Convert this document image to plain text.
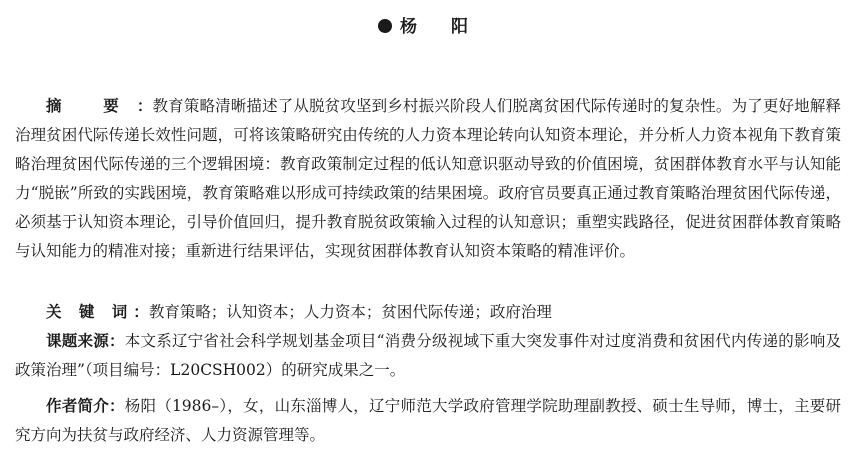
杨 阳
摘 要：教育策略清晰描述了从脱贫攻坚到乡村振兴阶段人们脱离贫困代际传递时的复杂性。为了更好地解释治理贫困代际传递长效性问题，可将该策略研究由传统的人力资本理论转向认知资本理论，并分析人力资本视角下教育策略治理贫困代际传递的三个逻辑困境：教育政策制定过程的低认知意识驱动导致的价值困境，贫困群体教育水平与认知能力“脱嵌”所致的实践困境，教育策略难以形成可持续政策的结果困境。政府官员要真正通过教育策略治理贫困代际传递，必须基于认知资本理论，引导价值回归，提升教育脱贫政策输入过程的认知意识；重塑实践路径，促进贫困群体教育策略与认知能力的精准对接；重新进行结果评估，实现贫困群体教育认知资本策略的精准评价。
关 键 词：教育策略；认知资本；人力资本；贫困代际传递；政府治理
课题来源：本文系辽宁省社会科学规划基金项目“消费分级视域下重大突发事件对过度消费和贫困代内传递的影响及政策治理”（项目编号：L20CSH002）的研究成果之一。
作者简介：杨阳（1986–），女，山东淄博人，辽宁师范大学政府管理学院助理副教授、硕士生导师，博士，主要研究方向为扶贫与政府经济、人力资源管理等。
